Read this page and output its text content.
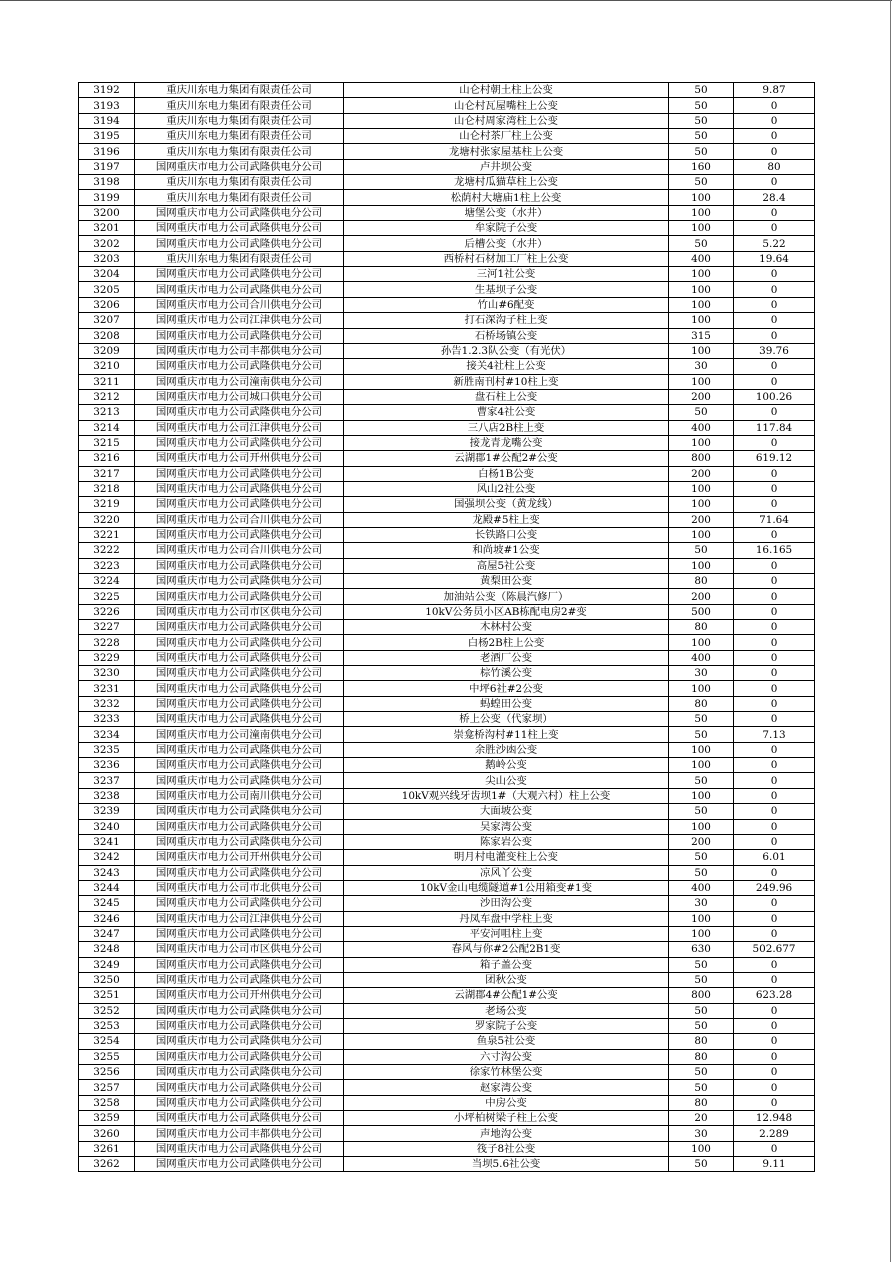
3192	重庆川东电力集团有限责任公司	山仑村朝土柱上公变	50	9.87
3193	重庆川东电力集团有限责任公司	山仑村瓦屋嘴柱上公变	50	0
3194	重庆川东电力集团有限责任公司	山仑村周家湾柱上公变	50	0
3195	重庆川东电力集团有限责任公司	山仑村茶厂柱上公变	50	0
3196	重庆川东电力集团有限责任公司	龙塘村张家屋基柱上公变	50	0
3197	国网重庆市电力公司武隆供电分公司	卢井坝公变	160	80
3198	重庆川东电力集团有限责任公司	龙塘村瓜猫草柱上公变	50	0
3199	重庆川东电力集团有限责任公司	松荫村大塘庙1柱上公变	100	28.4
3200	国网重庆市电力公司武隆供电分公司	塘堡公变（水井）	100	0
3201	国网重庆市电力公司武隆供电分公司	牟家院子公变	100	0
3202	国网重庆市电力公司武隆供电分公司	后槽公变（水井）	50	5.22
3203	重庆川东电力集团有限责任公司	西桥村石材加工厂柱上公变	400	19.64
3204	国网重庆市电力公司武隆供电分公司	三河1社公变	100	0
3205	国网重庆市电力公司武隆供电分公司	生基坝子公变	100	0
3206	国网重庆市电力公司合川供电分公司	竹山#6配变	100	0
3207	国网重庆市电力公司江津供电分公司	打石深沟子柱上变	100	0
3208	国网重庆市电力公司武隆供电分公司	石桥场镇公变	315	0
3209	国网重庆市电力公司丰都供电分公司	孙告1.2.3队公变（有光伏）	100	39.76
3210	国网重庆市电力公司武隆供电分公司	接关4社柱上公变	30	0
3211	国网重庆市电力公司潼南供电分公司	新胜南刊村#10柱上变	100	0
3212	国网重庆市电力公司城口供电分公司	盘石柱上公变	200	100.26
3213	国网重庆市电力公司武隆供电分公司	曹家4社公变	50	0
3214	国网重庆市电力公司江津供电分公司	三八店2B柱上变	400	117.84
3215	国网重庆市电力公司武隆供电分公司	接龙青龙嘴公变	100	0
3216	国网重庆市电力公司开州供电分公司	云湖郡1#公配2#公变	800	619.12
3217	国网重庆市电力公司武隆供电分公司	白杨1B公变	200	0
3218	国网重庆市电力公司武隆供电分公司	风山2社公变	100	0
3219	国网重庆市电力公司武隆供电分公司	国强坝公变（黄龙线）	100	0
3220	国网重庆市电力公司合川供电分公司	龙殿#5柱上变	200	71.64
3221	国网重庆市电力公司武隆供电分公司	长铁路口公变	100	0
3222	国网重庆市电力公司合川供电分公司	和尚坡#1公变	50	16.165
3223	国网重庆市电力公司武隆供电分公司	高屋5社公变	100	0
3224	国网重庆市电力公司武隆供电分公司	黄梨田公变	80	0
3225	国网重庆市电力公司武隆供电分公司	加油站公变（陈晨汽修厂）	200	0
3226	国网重庆市电力公司市区供电分公司	10kV公务员小区AB栋配电房2#变	500	0
3227	国网重庆市电力公司武隆供电分公司	木林村公变	80	0
3228	国网重庆市电力公司武隆供电分公司	白杨2B柱上公变	100	0
3229	国网重庆市电力公司武隆供电分公司	老酒厂公变	400	0
3230	国网重庆市电力公司武隆供电分公司	棕竹溪公变	30	0
3231	国网重庆市电力公司武隆供电分公司	中坪6社#2公变	100	0
3232	国网重庆市电力公司武隆供电分公司	蚂蝗田公变	80	0
3233	国网重庆市电力公司武隆供电分公司	桥上公变（代家坝）	50	0
3234	国网重庆市电力公司潼南供电分公司	崇龛桥沟村#11柱上变	50	7.13
3235	国网重庆市电力公司武隆供电分公司	余胜沙凼公变	100	0
3236	国网重庆市电力公司武隆供电分公司	鹅岭公变	100	0
3237	国网重庆市电力公司武隆供电分公司	尖山公变	50	0
3238	国网重庆市电力公司南川供电分公司	10kV观兴线牙齿坝1#（大观六村）柱上公变	100	0
3239	国网重庆市电力公司武隆供电分公司	大面坡公变	50	0
3240	国网重庆市电力公司武隆供电分公司	吴家湾公变	100	0
3241	国网重庆市电力公司武隆供电分公司	陈家岩公变	200	0
3242	国网重庆市电力公司开州供电分公司	明月村电灌变柱上公变	50	6.01
3243	国网重庆市电力公司武隆供电分公司	凉风丫公变	50	0
3244	国网重庆市电力公司市北供电分公司	10kV金山电缆隧道#1公用箱变#1变	400	249.96
3245	国网重庆市电力公司武隆供电分公司	沙田沟公变	30	0
3246	国网重庆市电力公司江津供电分公司	丹凤车盘中学柱上变	100	0
3247	国网重庆市电力公司武隆供电分公司	平安河咀柱上变	100	0
3248	国网重庆市电力公司市区供电分公司	春风与你#2公配2B1变	630	502.677
3249	国网重庆市电力公司武隆供电分公司	箱子盖公变	50	0
3250	国网重庆市电力公司武隆供电分公司	团秋公变	50	0
3251	国网重庆市电力公司开州供电分公司	云湖郡4#公配1#公变	800	623.28
3252	国网重庆市电力公司武隆供电分公司	老场公变	50	0
3253	国网重庆市电力公司武隆供电分公司	罗家院子公变	50	0
3254	国网重庆市电力公司武隆供电分公司	鱼泉5社公变	80	0
3255	国网重庆市电力公司武隆供电分公司	六寸沟公变	80	0
3256	国网重庆市电力公司武隆供电分公司	徐家竹林堡公变	50	0
3257	国网重庆市电力公司武隆供电分公司	赵家湾公变	50	0
3258	国网重庆市电力公司武隆供电分公司	中房公变	80	0
3259	国网重庆市电力公司武隆供电分公司	小坪柏树梁子柱上公变	20	12.948
3260	国网重庆市电力公司丰都供电分公司	声地沟公变	30	2.289
3261	国网重庆市电力公司武隆供电分公司	筏子8社公变	100	0
3262	国网重庆市电力公司武隆供电分公司	当坝5.6社公变	50	9.11
